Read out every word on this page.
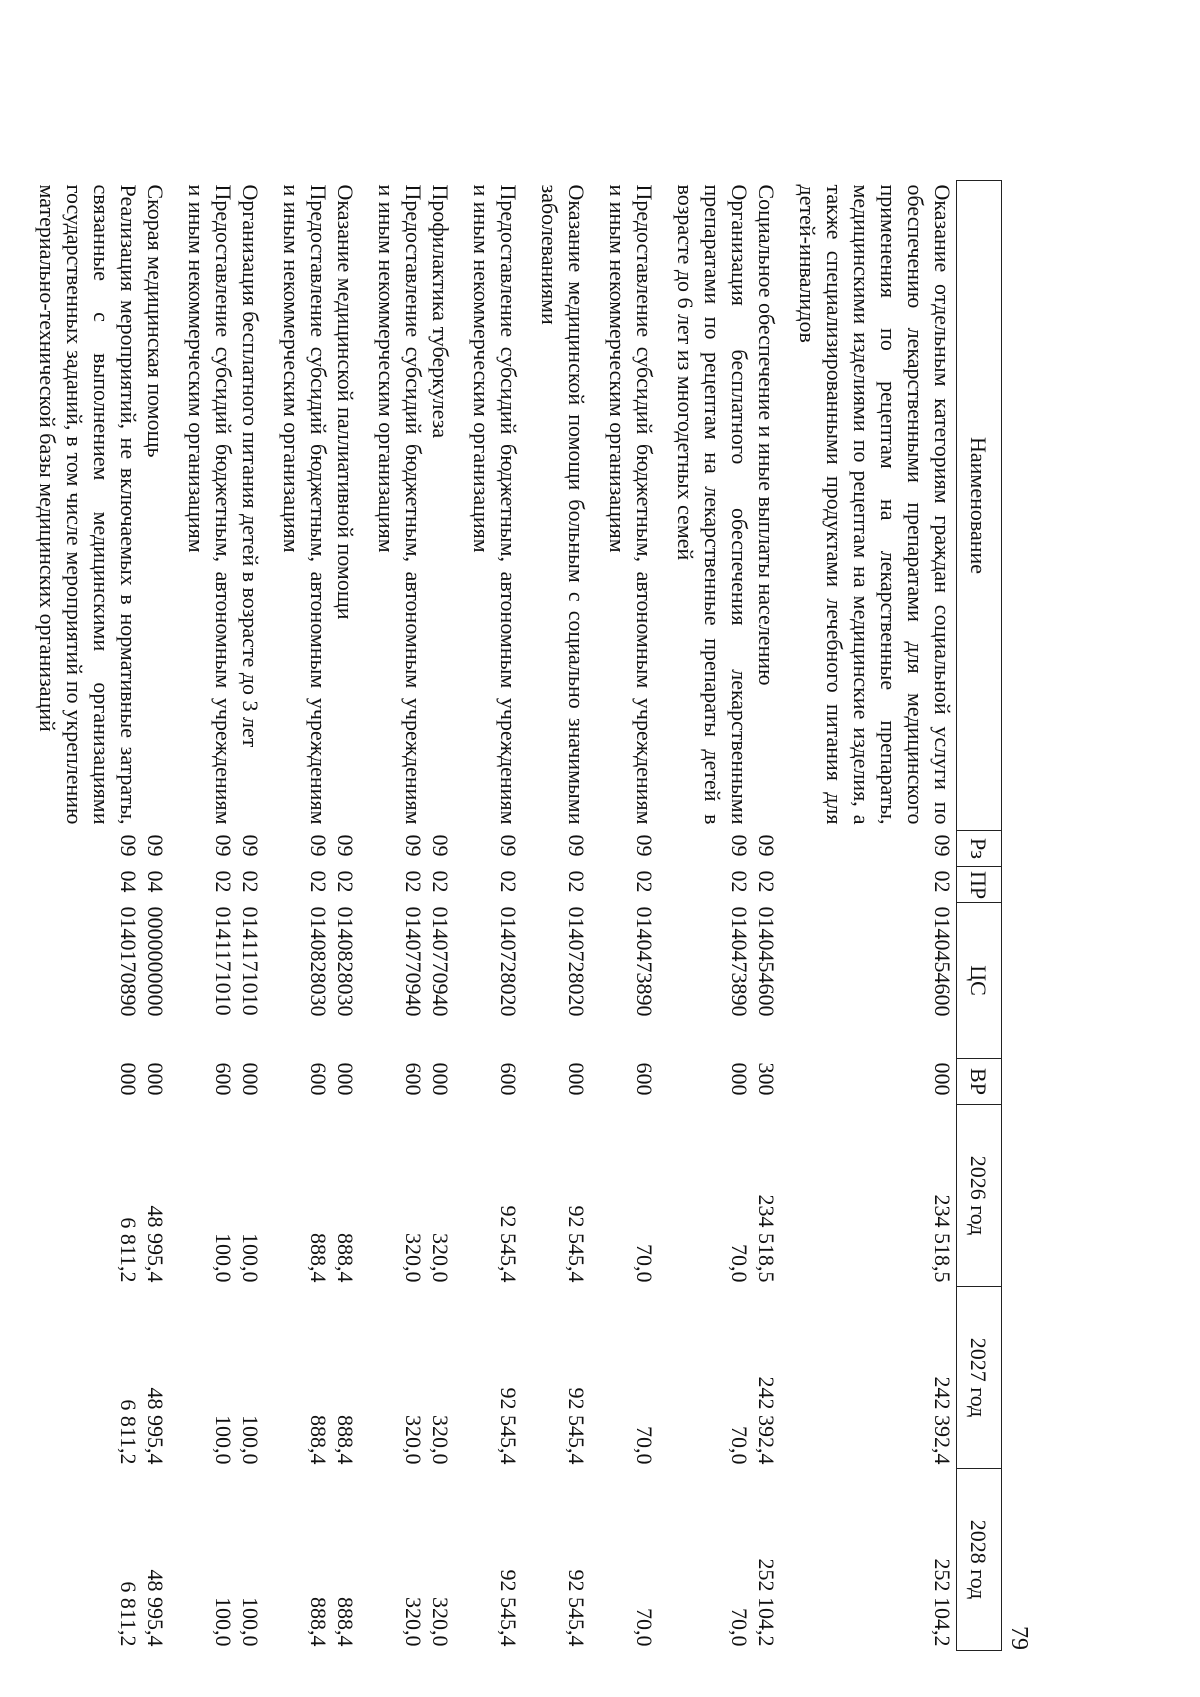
79
Наименование	Рз	ПР	ЦС	ВР	2026 год	2027 год	2028 год
Оказание отдельным категориям граждан социальной услуги по обеспечению лекарственными препаратами для медицинского применения по рецептам на лекарственные препараты, медицинскими изделиями по рецептам на медицинские изделия, а также специализированными продуктами лечебного питания для детей-инвалидов	09	02	0140454600	000	234 518,5	242 392,4	252 104,2

Социальное обеспечение и иные выплаты населению	09	02	0140454600	300	234 518,5	242 392,4	252 104,2
Организация бесплатного обеспечения лекарственными препаратами по рецептам на лекарственные препараты детей в возрасте до 6 лет из многодетных семей	09	02	0140473890	000	70,0	70,0	70,0

Предоставление субсидий бюджетным, автономным учреждениям и иным некоммерческим организациям	09	02	0140473890	600	70,0	70,0	70,0

Оказание медицинской помощи больным с социально значимыми заболеваниями	09	02	0140728020	000	92 545,4	92 545,4	92 545,4

Предоставление субсидий бюджетным, автономным учреждениям и иным некоммерческим организациям	09	02	0140728020	600	92 545,4	92 545,4	92 545,4

Профилактика туберкулеза	09	02	0140770940	000	320,0	320,0	320,0
Предоставление субсидий бюджетным, автономным учреждениям и иным некоммерческим организациям	09	02	0140770940	600	320,0	320,0	320,0

Оказание медицинской паллиативной помощи	09	02	0140828030	000	888,4	888,4	888,4
Предоставление субсидий бюджетным, автономным учреждениям и иным некоммерческим организациям	09	02	0140828030	600	888,4	888,4	888,4

Организация бесплатного питания детей в возрасте до 3 лет	09	02	0141171010	000	100,0	100,0	100,0
Предоставление субсидий бюджетным, автономным учреждениям и иным некоммерческим организациям	09	02	0141171010	600	100,0	100,0	100,0

Скорая медицинская помощь	09	04	0000000000	000	48 995,4	48 995,4	48 995,4
Реализация мероприятий, не включаемых в нормативные затраты, связанные с выполнением медицинскими организациями государственных заданий, в том числе мероприятий по укреплению материально-технической базы медицинских организаций	09	04	0140170890	000	6 811,2	6 811,2	6 811,2
